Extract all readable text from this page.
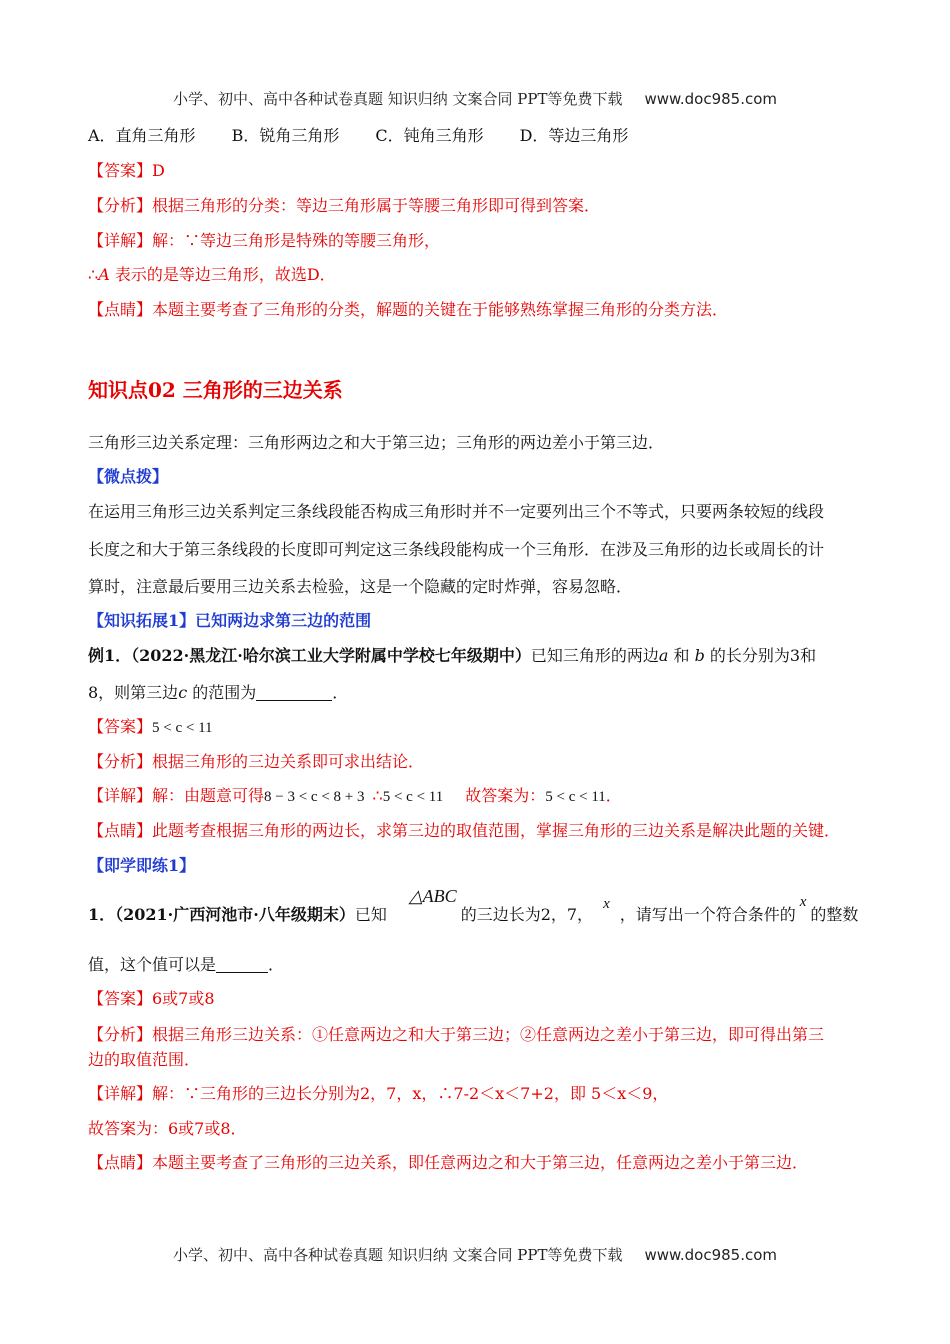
小学、初中、高中各种试卷真题 知识归纳 文案合同 PPT等免费下载 www.doc985.com
A．直角三角形 B．锐角三角形 C．钝角三角形 D．等边三角形
【答案】D
【分析】根据三角形的分类：等边三角形属于等腰三角形即可得到答案．
【详解】解：∵等边三角形是特殊的等腰三角形，
∴A 表示的是等边三角形，故选D．
【点睛】本题主要考查了三角形的分类，解题的关键在于能够熟练掌握三角形的分类方法．
知识点02 三角形的三边关系
三角形三边关系定理：三角形两边之和大于第三边；三角形的两边差小于第三边．
【微点拨】
在运用三角形三边关系判定三条线段能否构成三角形时并不一定要列出三个不等式，只要两条较短的线段
长度之和大于第三条线段的长度即可判定这三条线段能构成一个三角形．在涉及三角形的边长或周长的计
算时，注意最后要用三边关系去检验，这是一个隐藏的定时炸弹，容易忽略．
【知识拓展1】已知两边求第三边的范围
例1．（2022·黑龙江·哈尔滨工业大学附属中学校七年级期中）已知三角形的两边a 和 b 的长分别为3和
8，则第三边c 的范围为	．
【答案】5 < c < 11
【分析】根据三角形的三边关系即可求出结论．
【详解】解：由题意可得8 − 3 < c < 8 + 3 ∴5 < c < 11 故答案为：5 < c < 11．
【点睛】此题考查根据三角形的两边长，求第三边的取值范围，掌握三角形的三边关系是解决此题的关键．
【即学即练1】
1．（2021·广西河池市·八年级期末）已知△ABC的三边长为2，7，x，请写出一个符合条件的x的整数
值，这个值可以是	．
【答案】6或7或8
【分析】根据三角形三边关系：①任意两边之和大于第三边；②任意两边之差小于第三边，即可得出第三
边的取值范围．
【详解】解：∵三角形的三边长分别为2，7，x，∴7-2＜x＜7+2，即 5＜x＜9，
故答案为：6或7或8．
【点睛】本题主要考查了三角形的三边关系，即任意两边之和大于第三边，任意两边之差小于第三边．
小学、初中、高中各种试卷真题 知识归纳 文案合同 PPT等免费下载 www.doc985.com
